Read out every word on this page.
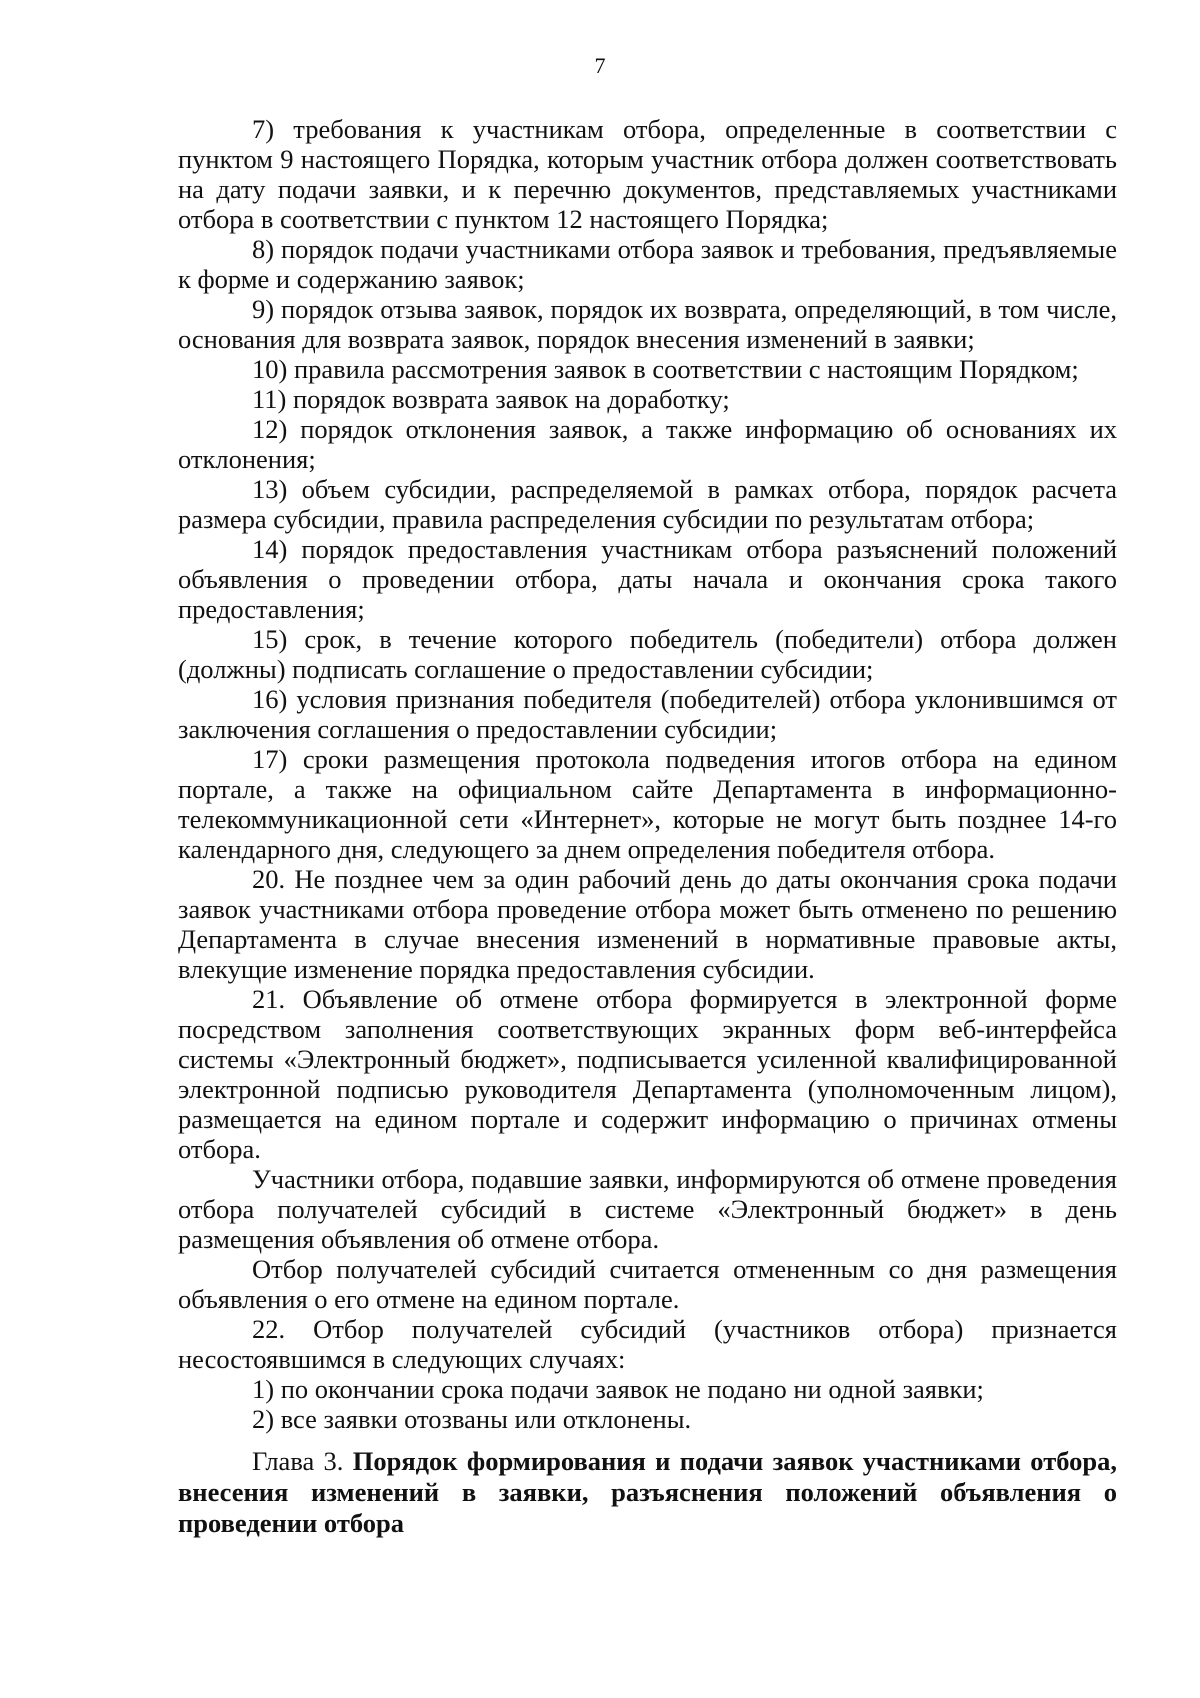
7

7) требования к участникам отбора, определенные в соответствии с пунктом 9 настоящего Порядка, которым участник отбора должен соответствовать на дату подачи заявки, и к перечню документов, представляемых участниками отбора в соответствии с пунктом 12 настоящего Порядка;

8) порядок подачи участниками отбора заявок и требования, предъявляемые к форме и содержанию заявок;

9) порядок отзыва заявок, порядок их возврата, определяющий, в том числе, основания для возврата заявок, порядок внесения изменений в заявки;

10) правила рассмотрения заявок в соответствии с настоящим Порядком;

11) порядок возврата заявок на доработку;

12) порядок отклонения заявок, а также информацию об основаниях их отклонения;

13) объем субсидии, распределяемой в рамках отбора, порядок расчета размера субсидии, правила распределения субсидии по результатам отбора;

14) порядок предоставления участникам отбора разъяснений положений объявления о проведении отбора, даты начала и окончания срока такого предоставления;

15) срок, в течение которого победитель (победители) отбора должен (должны) подписать соглашение о предоставлении субсидии;

16) условия признания победителя (победителей) отбора уклонившимся от заключения соглашения о предоставлении субсидии;

17) сроки размещения протокола подведения итогов отбора на едином портале, а также на официальном сайте Департамента в информационно-телекоммуникационной сети «Интернет», которые не могут быть позднее 14-го календарного дня, следующего за днем определения победителя отбора.

20. Не позднее чем за один рабочий день до даты окончания срока подачи заявок участниками отбора проведение отбора может быть отменено по решению Департамента в случае внесения изменений в нормативные правовые акты, влекущие изменение порядка предоставления субсидии.

21. Объявление об отмене отбора формируется в электронной форме посредством заполнения соответствующих экранных форм веб-интерфейса системы «Электронный бюджет», подписывается усиленной квалифицированной электронной подписью руководителя Департамента (уполномоченным лицом), размещается на едином портале и содержит информацию о причинах отмены отбора.

Участники отбора, подавшие заявки, информируются об отмене проведения отбора получателей субсидий в системе «Электронный бюджет» в день размещения объявления об отмене отбора.

Отбор получателей субсидий считается отмененным со дня размещения объявления о его отмене на едином портале.

22. Отбор получателей субсидий (участников отбора) признается несостоявшимся в следующих случаях:

1) по окончании срока подачи заявок не подано ни одной заявки;

2) все заявки отозваны или отклонены.

Глава 3. Порядок формирования и подачи заявок участниками отбора, внесения изменений в заявки, разъяснения положений объявления о проведении отбора
